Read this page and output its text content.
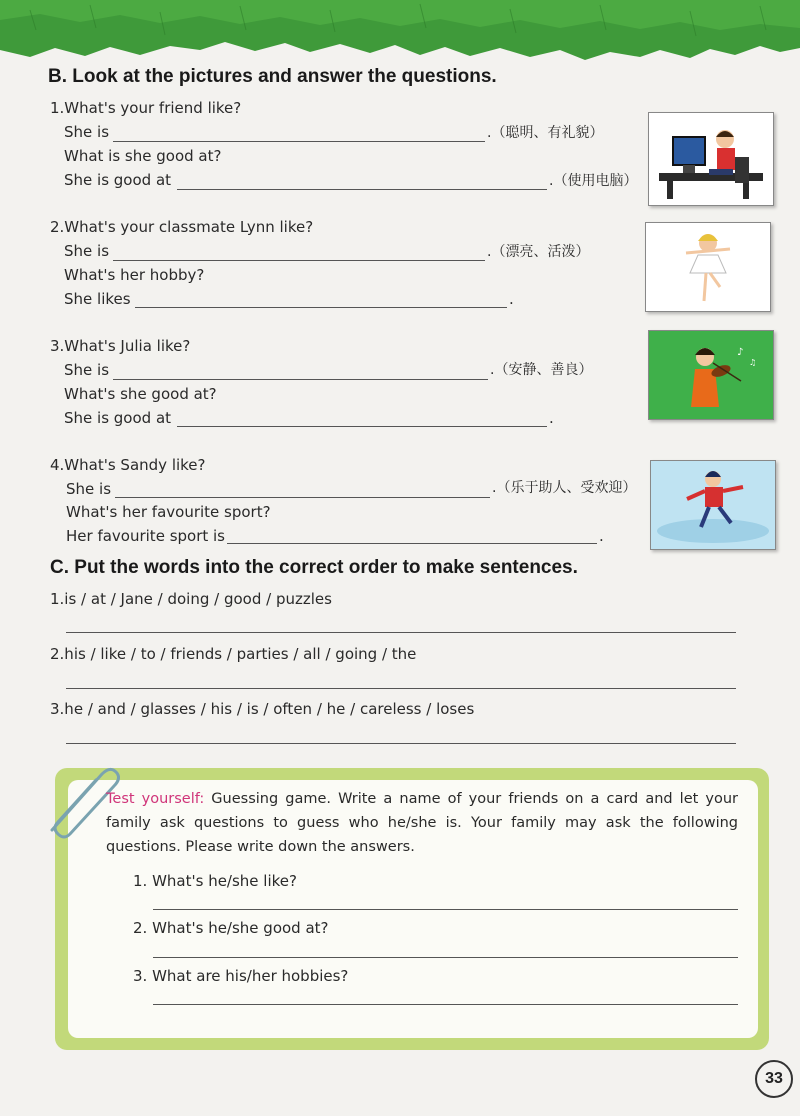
B. Look at the pictures and answer the questions.
1.What's your friend like?
She is	.（聪明、有礼貌）
What is she good at?
She is good at	.（使用电脑）
2.What's your classmate Lynn like?
She is	.（漂亮、活泼）
What's her hobby?
She likes	.
3.What's Julia like?
She is	.（安静、善良）
What's she good at?
She is good at	.
♪
♫
4.What's Sandy like?
She is	.（乐于助人、受欢迎）
What's her favourite sport?
Her favourite sport is	.
C. Put the words into the correct order to make sentences.
1.is / at / Jane / doing / good / puzzles
2.his / like / to / friends / parties / all / going / the
3.he / and / glasses / his / is / often / he / careless / loses
Test yourself: Guessing game. Write a name of your friends on a card and let your family ask questions to guess who he/she is. Your family may ask the following questions. Please write down the answers.
1. What's he/she like?
2. What's he/she good at?
3. What are his/her hobbies?
33
